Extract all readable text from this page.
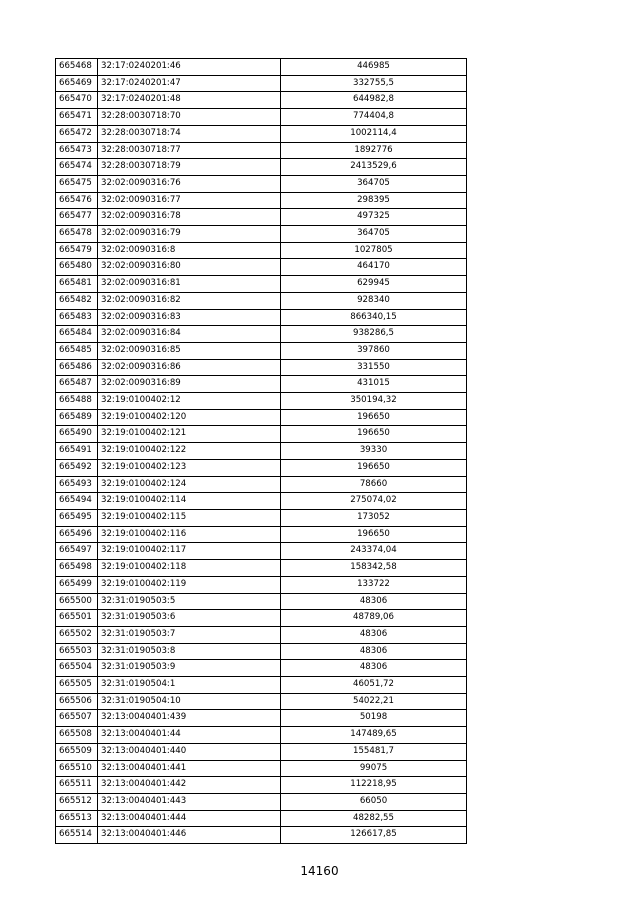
665468	32:17:0240201:46	446985
665469	32:17:0240201:47	332755,5
665470	32:17:0240201:48	644982,8
665471	32:28:0030718:70	774404,8
665472	32:28:0030718:74	1002114,4
665473	32:28:0030718:77	1892776
665474	32:28:0030718:79	2413529,6
665475	32:02:0090316:76	364705
665476	32:02:0090316:77	298395
665477	32:02:0090316:78	497325
665478	32:02:0090316:79	364705
665479	32:02:0090316:8	1027805
665480	32:02:0090316:80	464170
665481	32:02:0090316:81	629945
665482	32:02:0090316:82	928340
665483	32:02:0090316:83	866340,15
665484	32:02:0090316:84	938286,5
665485	32:02:0090316:85	397860
665486	32:02:0090316:86	331550
665487	32:02:0090316:89	431015
665488	32:19:0100402:12	350194,32
665489	32:19:0100402:120	196650
665490	32:19:0100402:121	196650
665491	32:19:0100402:122	39330
665492	32:19:0100402:123	196650
665493	32:19:0100402:124	78660
665494	32:19:0100402:114	275074,02
665495	32:19:0100402:115	173052
665496	32:19:0100402:116	196650
665497	32:19:0100402:117	243374,04
665498	32:19:0100402:118	158342,58
665499	32:19:0100402:119	133722
665500	32:31:0190503:5	48306
665501	32:31:0190503:6	48789,06
665502	32:31:0190503:7	48306
665503	32:31:0190503:8	48306
665504	32:31:0190503:9	48306
665505	32:31:0190504:1	46051,72
665506	32:31:0190504:10	54022,21
665507	32:13:0040401:439	50198
665508	32:13:0040401:44	147489,65
665509	32:13:0040401:440	155481,7
665510	32:13:0040401:441	99075
665511	32:13:0040401:442	112218,95
665512	32:13:0040401:443	66050
665513	32:13:0040401:444	48282,55
665514	32:13:0040401:446	126617,85
14160
